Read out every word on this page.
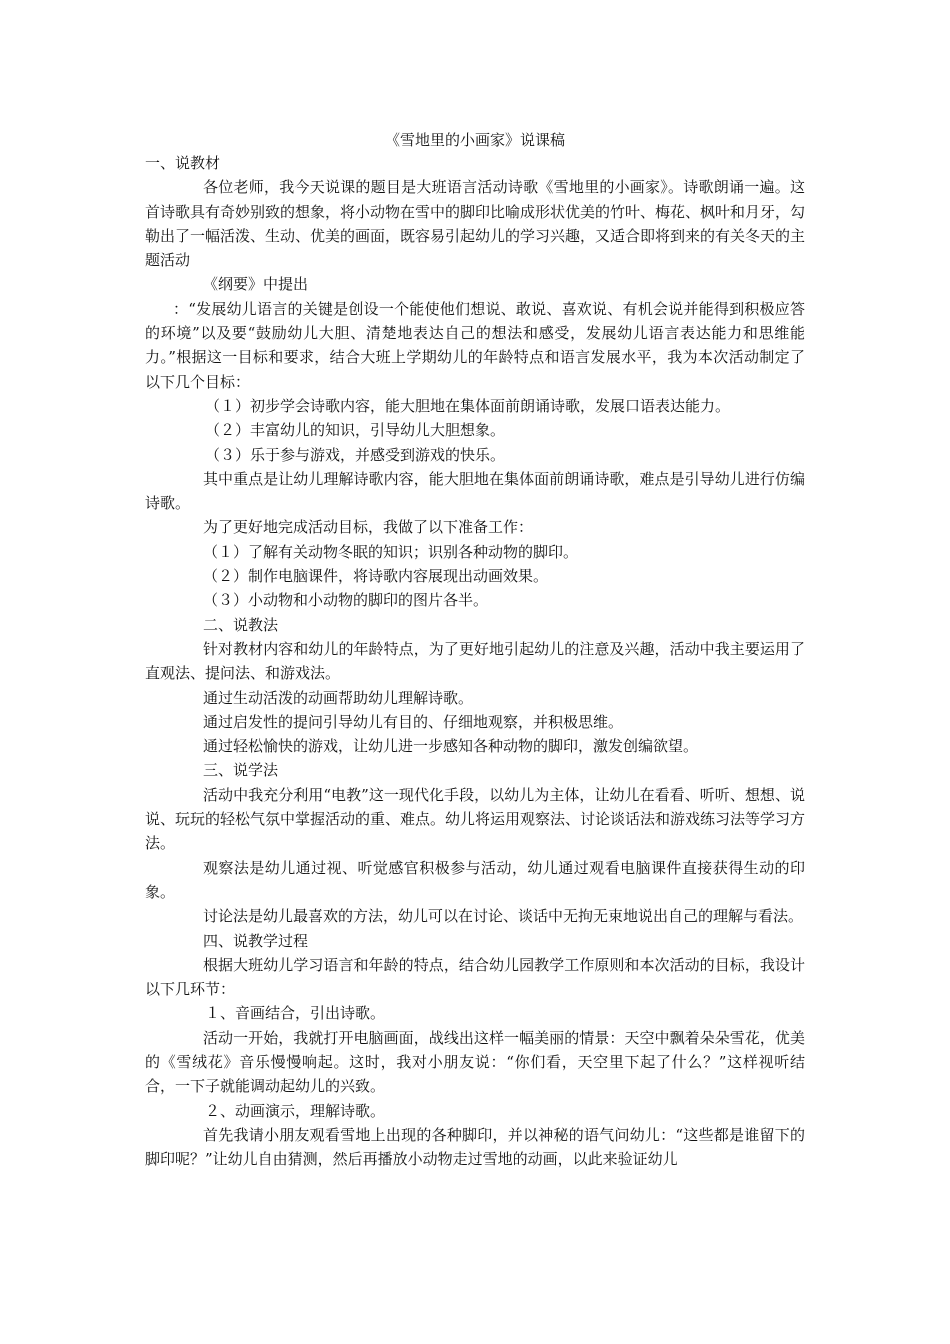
《雪地里的小画家》说课稿

一、说教材

各位老师，我今天说课的题目是大班语言活动诗歌《雪地里的小画家》。诗歌朗诵一遍。这首诗歌具有奇妙别致的想象，将小动物在雪中的脚印比喻成形状优美的竹叶、梅花、枫叶和月牙，勾勒出了一幅活泼、生动、优美的画面，既容易引起幼儿的学习兴趣，又适合即将到来的有关冬天的主题活动

《纲要》中提出

：“发展幼儿语言的关键是创设一个能使他们想说、敢说、喜欢说、有机会说并能得到积极应答的环境”以及要“鼓励幼儿大胆、清楚地表达自己的想法和感受，发展幼儿语言表达能力和思维能力。”根据这一目标和要求，结合大班上学期幼儿的年龄特点和语言发展水平，我为本次活动制定了以下几个目标：

（１）初步学会诗歌内容，能大胆地在集体面前朗诵诗歌，发展口语表达能力。

（２）丰富幼儿的知识，引导幼儿大胆想象。

（３）乐于参与游戏，并感受到游戏的快乐。

其中重点是让幼儿理解诗歌内容，能大胆地在集体面前朗诵诗歌，难点是引导幼儿进行仿编诗歌。

为了更好地完成活动目标，我做了以下准备工作：

（１）了解有关动物冬眠的知识；识别各种动物的脚印。

（２）制作电脑课件，将诗歌内容展现出动画效果。

（３）小动物和小动物的脚印的图片各半。

二、说教法

针对教材内容和幼儿的年龄特点，为了更好地引起幼儿的注意及兴趣，活动中我主要运用了直观法、提问法、和游戏法。

通过生动活泼的动画帮助幼儿理解诗歌。

通过启发性的提问引导幼儿有目的、仔细地观察，并积极思维。

通过轻松愉快的游戏，让幼儿进一步感知各种动物的脚印，激发创编欲望。

三、说学法

活动中我充分利用“电教”这一现代化手段，以幼儿为主体，让幼儿在看看、听听、想想、说说、玩玩的轻松气氛中掌握活动的重、难点。幼儿将运用观察法、讨论谈话法和游戏练习法等学习方法。

观察法是幼儿通过视、听觉感官积极参与活动，幼儿通过观看电脑课件直接获得生动的印象。

讨论法是幼儿最喜欢的方法，幼儿可以在讨论、谈话中无拘无束地说出自己的理解与看法。

四、说教学过程

根据大班幼儿学习语言和年龄的特点，结合幼儿园教学工作原则和本次活动的目标，我设计以下几环节：

１、音画结合，引出诗歌。

活动一开始，我就打开电脑画面，战线出这样一幅美丽的情景：天空中飘着朵朵雪花，优美的《雪绒花》音乐慢慢响起。这时，我对小朋友说：“你们看，天空里下起了什么？”这样视听结合，一下子就能调动起幼儿的兴致。

２、动画演示，理解诗歌。

首先我请小朋友观看雪地上出现的各种脚印，并以神秘的语气问幼儿：“这些都是谁留下的脚印呢？”让幼儿自由猜测，然后再播放小动物走过雪地的动画，以此来验证幼儿
